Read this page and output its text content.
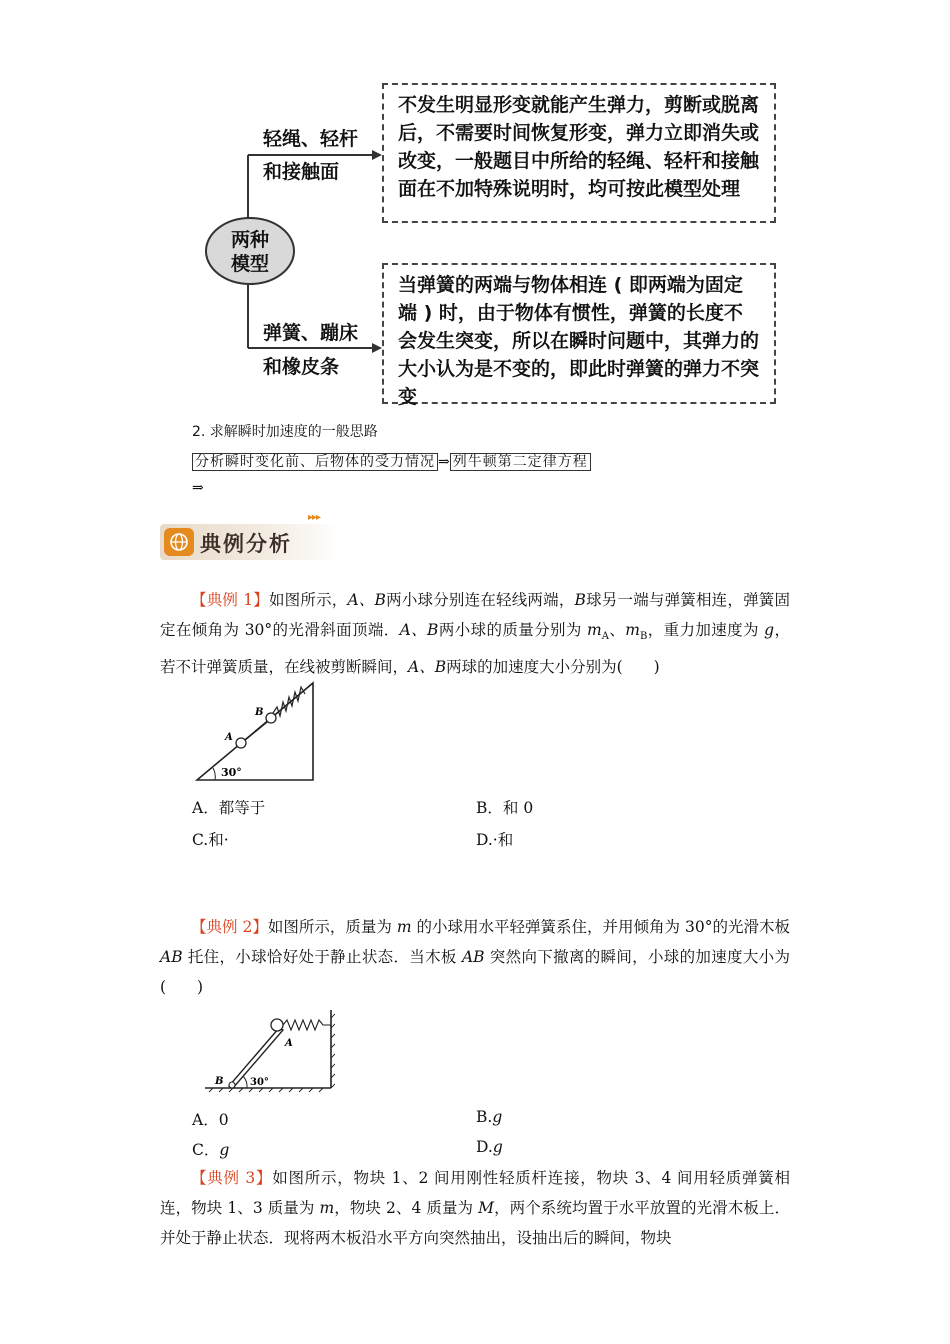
两种
模型
轻绳、轻杆
和接触面
弹簧、蹦床
和橡皮条
不发生明显形变就能产生弹力，剪断或脱离后，不需要时间恢复形变，弹力立即消失或改变，一般题目中所给的轻绳、轻杆和接触面在不加特殊说明时，均可按此模型处理
当弹簧的两端与物体相连 ( 即两端为固定端 ) 时，由于物体有惯性，弹簧的长度不会发生突变，所以在瞬时问题中，其弹力的大小认为是不变的，即此时弹簧的弹力不突变
2. 求解瞬时加速度的一般思路
分析瞬时变化前、后物体的受力情况 ⇒ 列牛顿第二定律方程
⇒
典例分析
▸▸▸
【典例 1】如图所示，A、B两小球分别连在轻线两端，B球另一端与弹簧相连，弹簧固定在倾角为 30°的光滑斜面顶端．A、B两小球的质量分别为 $m_A$、$m_B$，重力加速度为 g，若不计弹簧质量，在线被剪断瞬间，A、B两球的加速度大小分别为(　　)
30°
A
B
A．都等于	B．和 0
C.和·	D.·和
【典例 2】如图所示，质量为 m 的小球用水平轻弹簧系住，并用倾角为 30°的光滑木板 AB 托住，小球恰好处于静止状态．当木板 AB 突然向下撤离的瞬间，小球的加速度大小为(　　)
A
B	30°
A．0	B.g
C．g	D.g
【典例 3】如图所示，物块 1、2 间用刚性轻质杆连接，物块 3、4 间用轻质弹簧相连，物块 1、3 质量为 m，物块 2、4 质量为 M，两个系统均置于水平放置的光滑木板上．并处于静止状态．现将两木板沿水平方向突然抽出，设抽出后的瞬间，物块
